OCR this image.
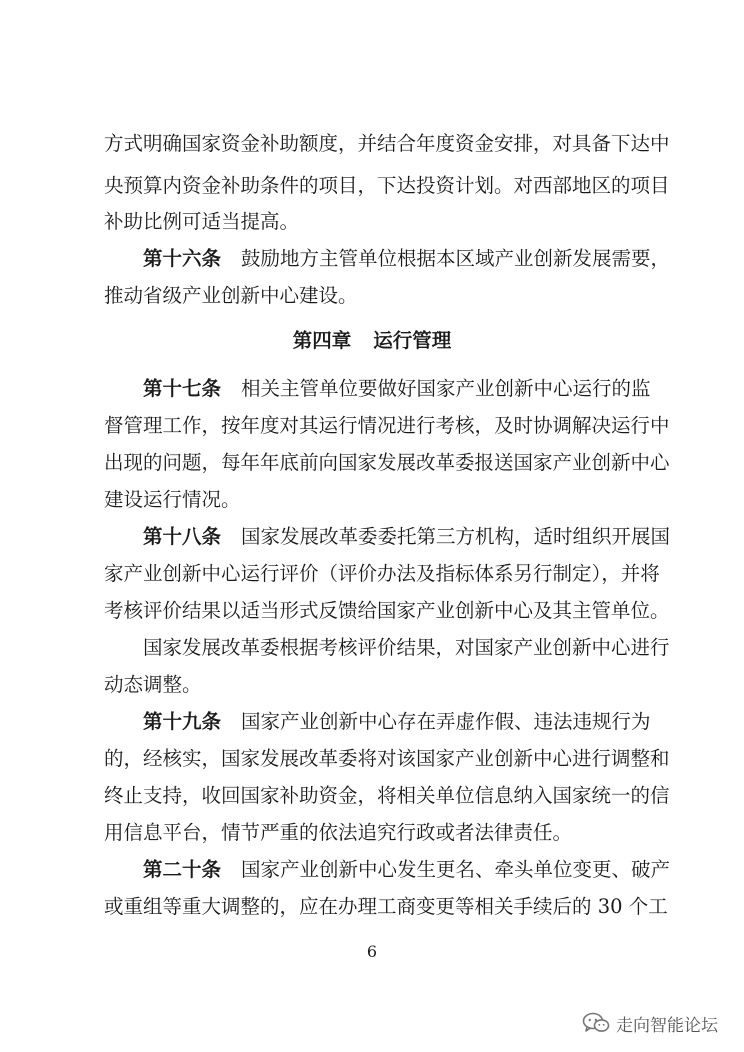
方式明确国家资金补助额度，并结合年度资金安排，对具备下达中
央预算内资金补助条件的项目，下达投资计划。对西部地区的项目
补助比例可适当提高。
第十六条 鼓励地方主管单位根据本区域产业创新发展需要，
推动省级产业创新中心建设。
第四章 运行管理
第十七条 相关主管单位要做好国家产业创新中心运行的监
督管理工作，按年度对其运行情况进行考核，及时协调解决运行中
出现的问题，每年年底前向国家发展改革委报送国家产业创新中心
建设运行情况。
第十八条 国家发展改革委委托第三方机构，适时组织开展国
家产业创新中心运行评价（评价办法及指标体系另行制定），并将
考核评价结果以适当形式反馈给国家产业创新中心及其主管单位。
国家发展改革委根据考核评价结果，对国家产业创新中心进行
动态调整。
第十九条 国家产业创新中心存在弄虚作假、违法违规行为
的，经核实，国家发展改革委将对该国家产业创新中心进行调整和
终止支持，收回国家补助资金，将相关单位信息纳入国家统一的信
用信息平台，情节严重的依法追究行政或者法律责任。
第二十条 国家产业创新中心发生更名、牵头单位变更、破产
或重组等重大调整的，应在办理工商变更等相关手续后的 30 个工
6
走向智能论坛
